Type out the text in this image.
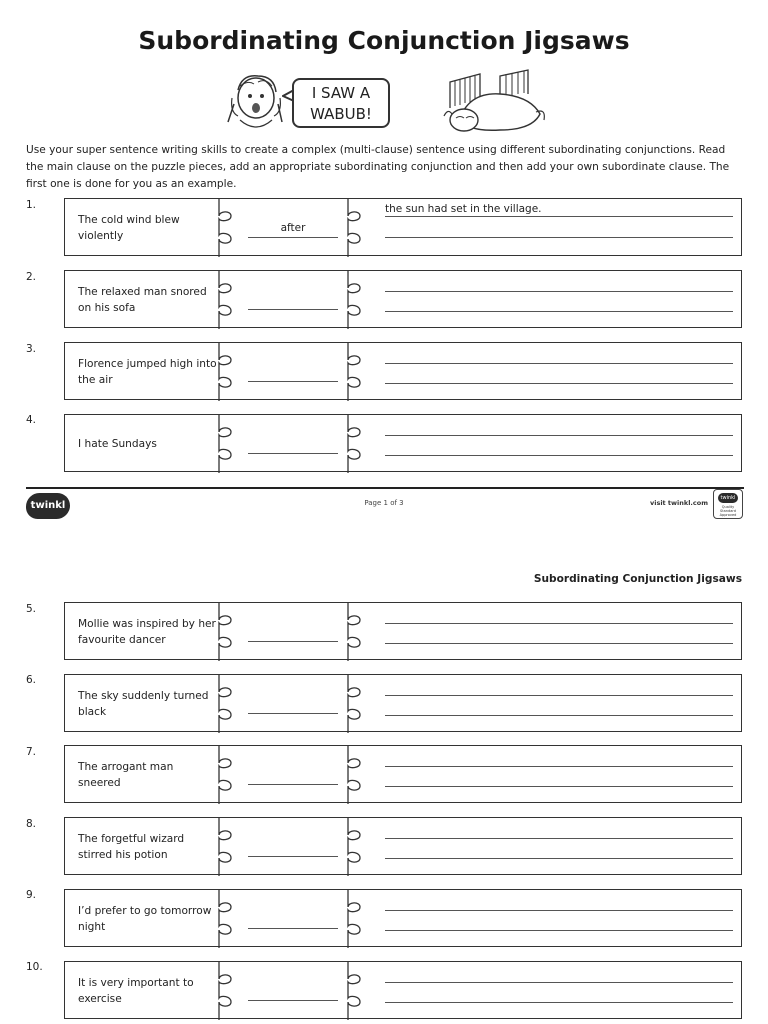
Subordinating Conjunction Jigsaws
I SAW A
WABUB!
Use your super sentence writing skills to create a complex (multi-clause) sentence using different subordinating conjunctions. Read the main clause on the puzzle pieces, add an appropriate subordinating conjunction and then add your own subordinate clause. The first one is done for you as an example.
1.
The cold wind blew violently
after
the sun had set in the village.
2.
The relaxed man snored on his sofa
3.
Florence jumped high into the air
4.
I hate Sundays
twinkl	Page 1 of 3	visit twinkl.com
twinkl
Quality Standard Approved
Subordinating Conjunction Jigsaws
5.
Mollie was inspired by her favourite dancer
6.
The sky suddenly turned black
7.
The arrogant man sneered
8.
The forgetful wizard stirred his potion
9.
I’d prefer to go tomorrow night
10.
It is very important to exercise
